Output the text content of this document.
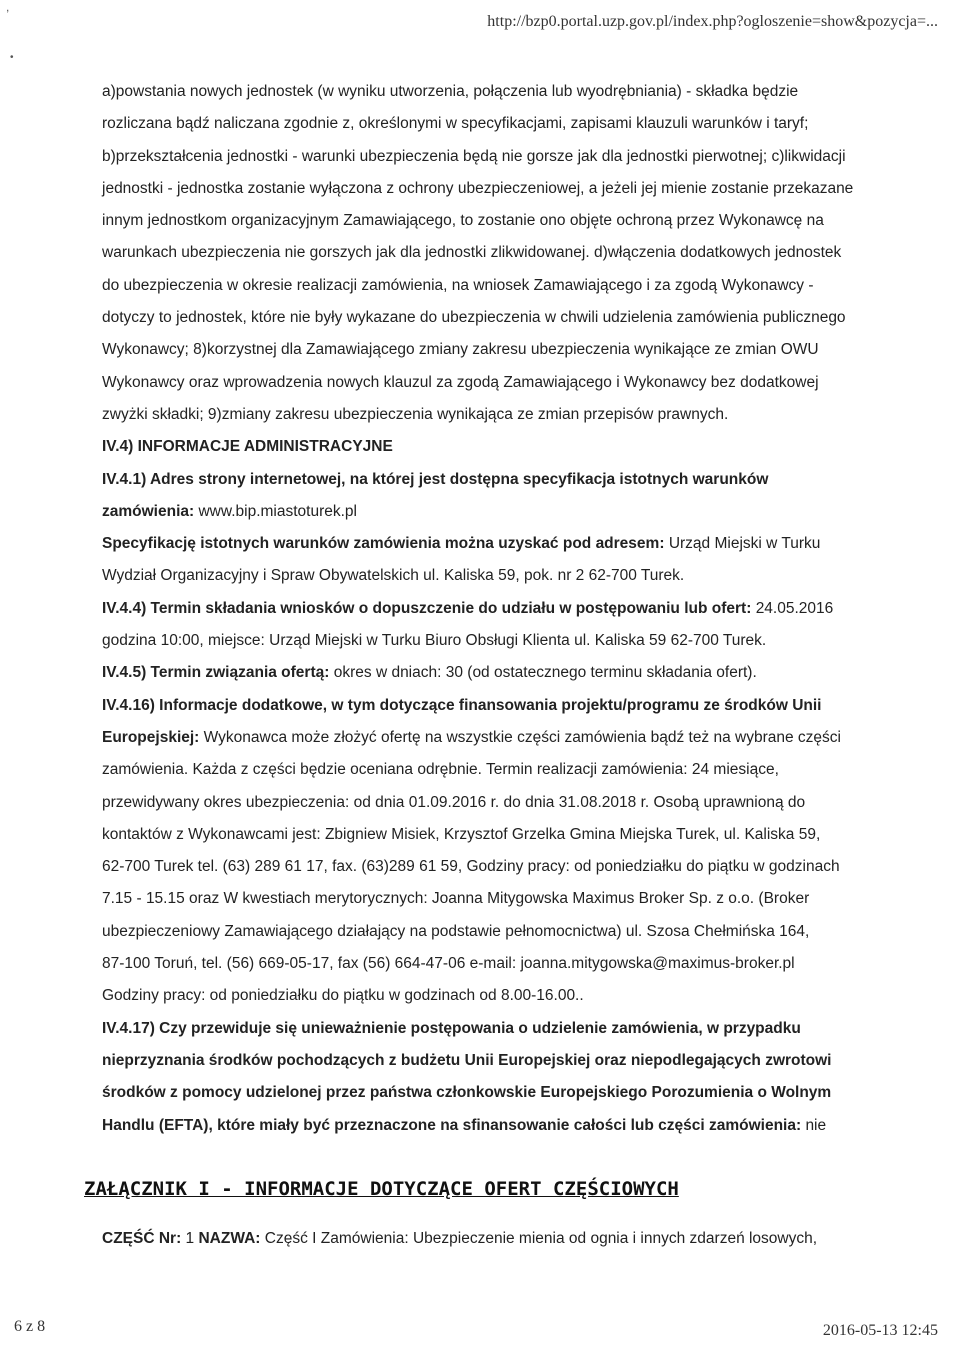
,
http://bzp0.portal.uzp.gov.pl/index.php?ogloszenie=show&pozycja=...
•

a)powstania nowych jednostek (w wyniku utworzenia, połączenia lub wyodrębniania) - składka będzie
rozliczana bądź naliczana zgodnie z, określonymi w specyfikacjami, zapisami klauzuli warunków i taryf;
b)przekształcenia jednostki - warunki ubezpieczenia będą nie gorsze jak dla jednostki pierwotnej; c)likwidacji
jednostki - jednostka zostanie wyłączona z ochrony ubezpieczeniowej, a jeżeli jej mienie zostanie przekazane
innym jednostkom organizacyjnym Zamawiającego, to zostanie ono objęte ochroną przez Wykonawcę na
warunkach ubezpieczenia nie gorszych jak dla jednostki zlikwidowanej. d)włączenia dodatkowych jednostek
do ubezpieczenia w okresie realizacji zamówienia, na wniosek Zamawiającego i za zgodą Wykonawcy -
dotyczy to jednostek, które nie były wykazane do ubezpieczenia w chwili udzielenia zamówienia publicznego
Wykonawcy; 8)korzystnej dla Zamawiającego zmiany zakresu ubezpieczenia wynikające ze zmian OWU
Wykonawcy oraz wprowadzenia nowych klauzul za zgodą Zamawiającego i Wykonawcy bez dodatkowej
zwyżki składki; 9)zmiany zakresu ubezpieczenia wynikająca ze zmian przepisów prawnych.

IV.4) INFORMACJE ADMINISTRACYJNE

IV.4.1) Adres strony internetowej, na której jest dostępna specyfikacja istotnych warunków
zamówienia: www.bip.miastoturek.pl

Specyfikację istotnych warunków zamówienia można uzyskać pod adresem: Urząd Miejski w Turku
Wydział Organizacyjny i Spraw Obywatelskich ul. Kaliska 59, pok. nr 2 62-700 Turek.

IV.4.4) Termin składania wniosków o dopuszczenie do udziału w postępowaniu lub ofert: 24.05.2016
godzina 10:00, miejsce: Urząd Miejski w Turku Biuro Obsługi Klienta ul. Kaliska 59 62-700 Turek.

IV.4.5) Termin związania ofertą: okres w dniach: 30 (od ostatecznego terminu składania ofert).

IV.4.16) Informacje dodatkowe, w tym dotyczące finansowania projektu/programu ze środków Unii
Europejskiej: Wykonawca może złożyć ofertę na wszystkie części zamówienia bądź też na wybrane części
zamówienia. Każda z części będzie oceniana odrębnie. Termin realizacji zamówienia: 24 miesiące,
przewidywany okres ubezpieczenia: od dnia 01.09.2016 r. do dnia 31.08.2018 r. Osobą uprawnioną do
kontaktów z Wykonawcami jest: Zbigniew Misiek, Krzysztof Grzelka Gmina Miejska Turek, ul. Kaliska 59,
62-700 Turek tel. (63) 289 61 17, fax. (63)289 61 59, Godziny pracy: od poniedziałku do piątku w godzinach
7.15 - 15.15 oraz W kwestiach merytorycznych: Joanna Mitygowska Maximus Broker Sp. z o.o. (Broker
ubezpieczeniowy Zamawiającego działający na podstawie pełnomocnictwa) ul. Szosa Chełmińska 164,
87-100 Toruń, tel. (56) 669-05-17, fax (56) 664-47-06 e-mail: joanna.mitygowska@maximus-broker.pl
Godziny pracy: od poniedziałku do piątku w godzinach od 8.00-16.00..

IV.4.17) Czy przewiduje się unieważnienie postępowania o udzielenie zamówienia, w przypadku
nieprzyznania środków pochodzących z budżetu Unii Europejskiej oraz niepodlegających zwrotowi
środków z pomocy udzielonej przez państwa członkowskie Europejskiego Porozumienia o Wolnym
Handlu (EFTA), które miały być przeznaczone na sfinansowanie całości lub części zamówienia: nie

ZAŁĄCZNIK I - INFORMACJE DOTYCZĄCE OFERT CZĘŚCIOWYCH
CZĘŚĆ Nr: 1 NAZWA: Część I Zamówienia: Ubezpieczenie mienia od ognia i innych zdarzeń losowych,
6 z 8	2016-05-13 12:45
